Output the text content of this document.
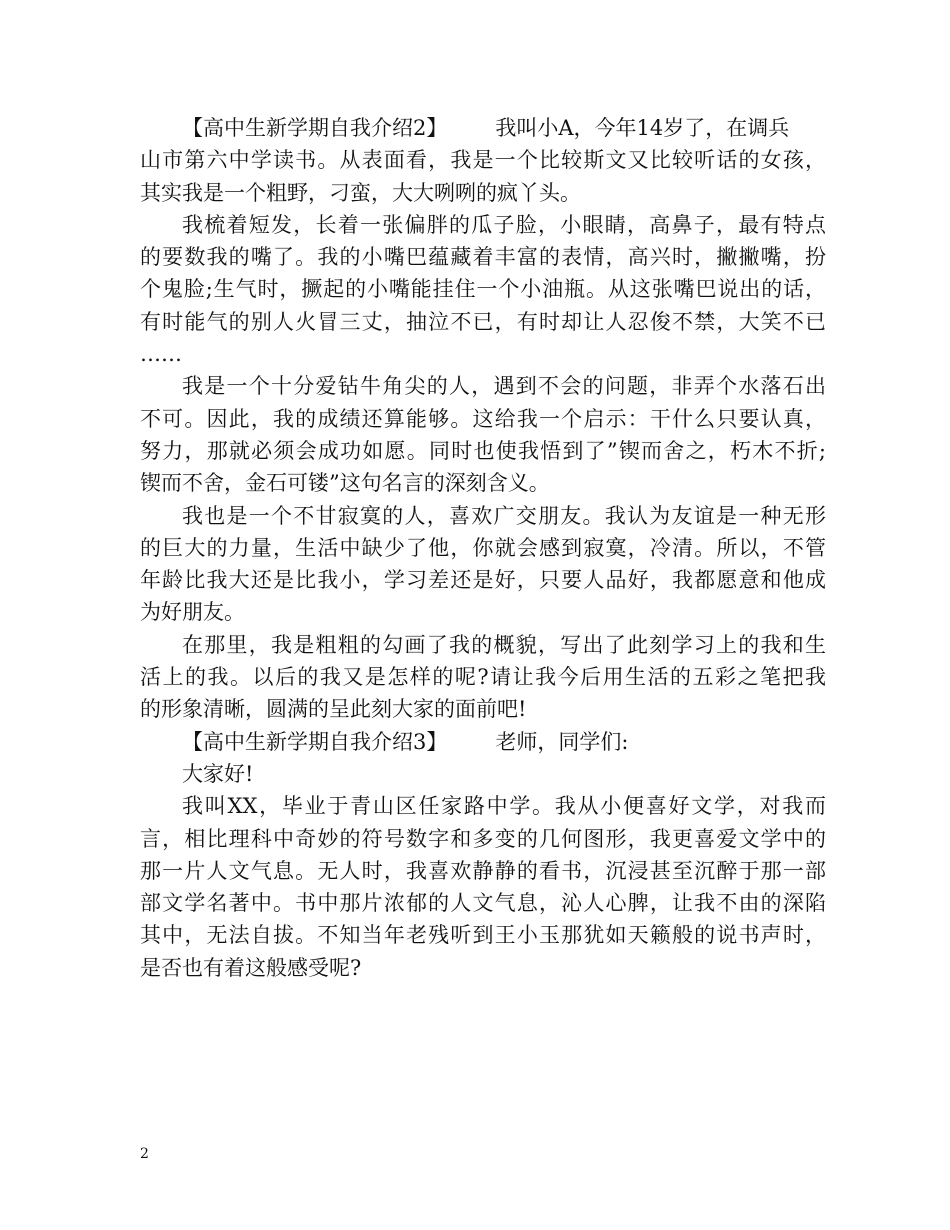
【高中生新学期自我介绍2】 我叫小A，今年14岁了，在调兵
山市第六中学读书。从表面看，我是一个比较斯文又比较听话的女孩，
其实我是一个粗野，刁蛮，大大咧咧的疯丫头。
我梳着短发，长着一张偏胖的瓜子脸，小眼睛，高鼻子，最有特点
的要数我的嘴了。我的小嘴巴蕴藏着丰富的表情，高兴时，撇撇嘴，扮
个鬼脸;生气时，撅起的小嘴能挂住一个小油瓶。从这张嘴巴说出的话，
有时能气的别人火冒三丈，抽泣不已，有时却让人忍俊不禁，大笑不已
……
我是一个十分爱钻牛角尖的人，遇到不会的问题，非弄个水落石出
不可。因此，我的成绩还算能够。这给我一个启示：干什么只要认真，
努力，那就必须会成功如愿。同时也使我悟到了”锲而舍之，朽木不折;
锲而不舍，金石可镂”这句名言的深刻含义。
我也是一个不甘寂寞的人，喜欢广交朋友。我认为友谊是一种无形
的巨大的力量，生活中缺少了他，你就会感到寂寞，冷清。所以，不管
年龄比我大还是比我小，学习差还是好，只要人品好，我都愿意和他成
为好朋友。
在那里，我是粗粗的勾画了我的概貌，写出了此刻学习上的我和生
活上的我。以后的我又是怎样的呢?请让我今后用生活的五彩之笔把我
的形象清晰，圆满的呈此刻大家的面前吧!
【高中生新学期自我介绍3】 老师，同学们:
大家好!
我叫XX，毕业于青山区任家路中学。我从小便喜好文学，对我而
言，相比理科中奇妙的符号数字和多变的几何图形，我更喜爱文学中的
那一片人文气息。无人时，我喜欢静静的看书，沉浸甚至沉醉于那一部
部文学名著中。书中那片浓郁的人文气息，沁人心脾，让我不由的深陷
其中，无法自拔。不知当年老残听到王小玉那犹如天籁般的说书声时，
是否也有着这般感受呢?
2
